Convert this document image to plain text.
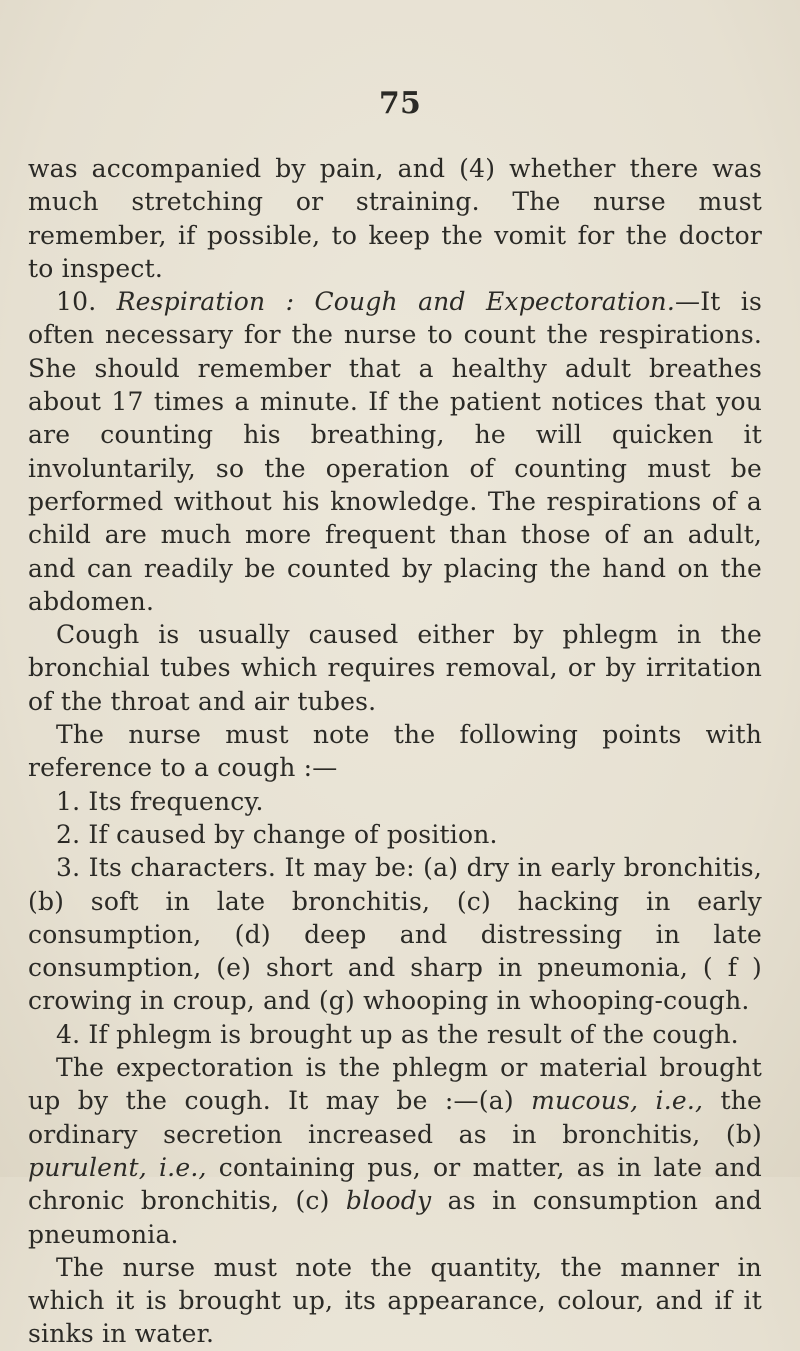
75

was accompanied by pain, and (4) whether there was much stretching or straining. The nurse must remember, if possible, to keep the vomit for the doctor to inspect.

10. Respiration : Cough and Expectoration.—It is often necessary for the nurse to count the respirations. She should remember that a healthy adult breathes about 17 times a minute. If the patient notices that you are counting his breathing, he will quicken it involuntarily, so the operation of counting must be performed without his knowledge. The respirations of a child are much more frequent than those of an adult, and can readily be counted by placing the hand on the abdomen.

Cough is usually caused either by phlegm in the bronchial tubes which requires removal, or by irritation of the throat and air tubes.

The nurse must note the following points with reference to a cough :—

1. Its frequency.

2. If caused by change of position.

3. Its characters. It may be: (a) dry in early bronchitis, (b) soft in late bronchitis, (c) hacking in early consumption, (d) deep and distressing in late consumption, (e) short and sharp in pneumonia, ( f ) crowing in croup, and (g) whooping in whooping-cough.

4. If phlegm is brought up as the result of the cough.

The expectoration is the phlegm or material brought up by the cough. It may be :—(a) mucous, i.e., the ordinary secretion increased as in bronchitis, (b) purulent, i.e., containing pus, or matter, as in late and chronic bronchitis, (c) bloody as in consumption and pneumonia.

The nurse must note the quantity, the manner in which it is brought up, its appearance, colour, and if it sinks in water.
